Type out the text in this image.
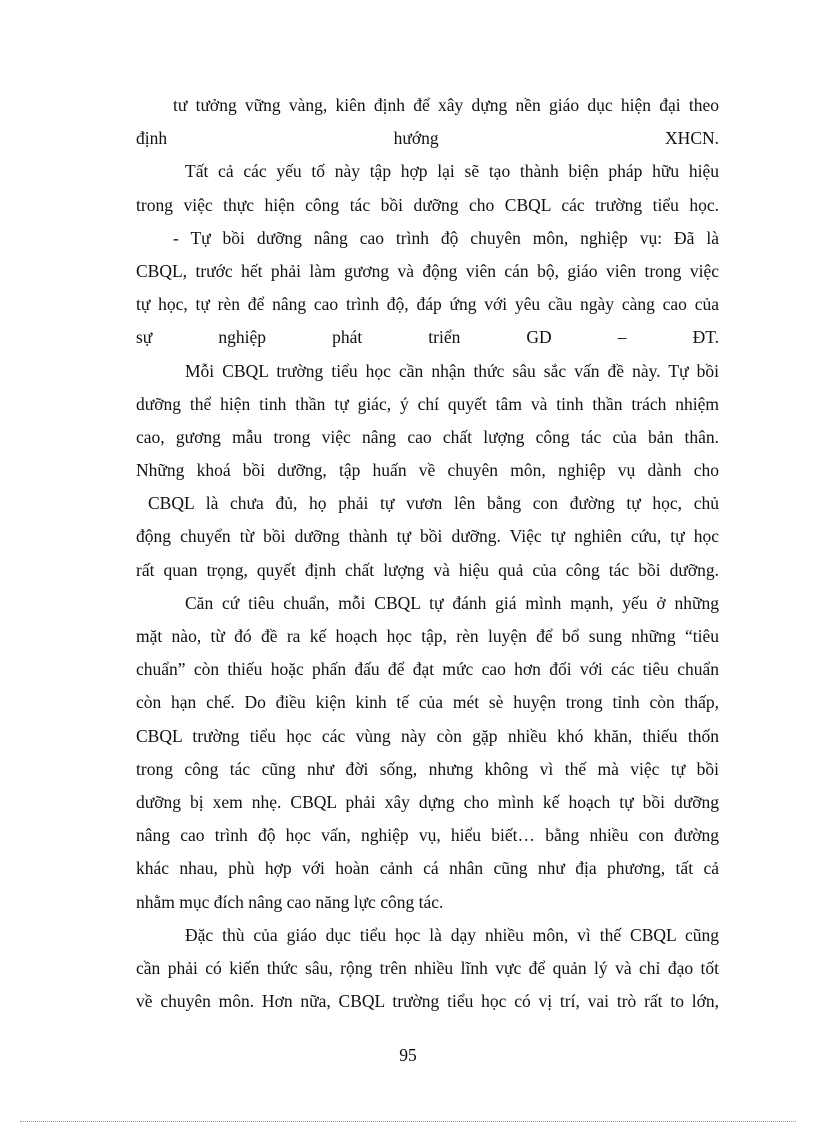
tư tưởng vững vàng, kiên định để xây dựng nền giáo dục hiện đại theo
định hướng XHCN.
Tất cả các yếu tố này tập hợp lại sẽ tạo thành biện pháp hữu hiệu
trong việc thực hiện công tác bồi dưỡng cho CBQL các trường tiểu học.
- Tự bồi dưỡng nâng cao trình độ chuyên môn, nghiệp vụ: Đã là
CBQL, trước hết phải làm gương và động viên cán bộ, giáo viên trong việc
tự học, tự rèn để nâng cao trình độ, đáp ứng với yêu cầu ngày càng cao của
sự nghiệp phát triển GD – ĐT.
Mỗi CBQL trường tiểu học cần nhận thức sâu sắc vấn đề này. Tự bồi
dưỡng thể hiện tinh thần tự giác, ý chí quyết tâm và tinh thần trách nhiệm
cao, gương mẫu trong việc nâng cao chất lượng công tác của bản thân.
Những khoá bồi dưỡng, tập huấn về chuyên môn, nghiệp vụ dành cho
CBQL là chưa đủ, họ phải tự vươn lên bằng con đường tự học, chủ
động chuyển từ bồi dưỡng thành tự bồi dưỡng. Việc tự nghiên cứu, tự học
rất quan trọng, quyết định chất lượng và hiệu quả của công tác bồi dưỡng.
Căn cứ tiêu chuẩn, mỗi CBQL tự đánh giá mình mạnh, yếu ở những
mặt nào, từ đó đề ra kế hoạch học tập, rèn luyện để bổ sung những “tiêu
chuẩn” còn thiếu hoặc phấn đấu để đạt mức cao hơn đối với các tiêu chuẩn
còn hạn chế. Do điều kiện kinh tế của mét sè huyện trong tỉnh còn thấp,
CBQL trường tiểu học các vùng này còn gặp nhiều khó khăn, thiếu thốn
trong công tác cũng như đời sống, nhưng không vì thế mà việc tự bồi
dưỡng bị xem nhẹ. CBQL phải xây dựng cho mình kế hoạch tự bồi dưỡng
nâng cao trình độ học vấn, nghiệp vụ, hiểu biết… bằng nhiều con đường
khác nhau, phù hợp với hoàn cảnh cá nhân cũng như địa phương, tất cả
nhằm mục đích nâng cao năng lực công tác.
Đặc thù của giáo dục tiểu học là dạy nhiều môn, vì thế CBQL cũng
cần phải có kiến thức sâu, rộng trên nhiều lĩnh vực để quản lý và chỉ đạo tốt
về chuyên môn. Hơn nữa, CBQL trường tiểu học có vị trí, vai trò rất to lớn,
95
